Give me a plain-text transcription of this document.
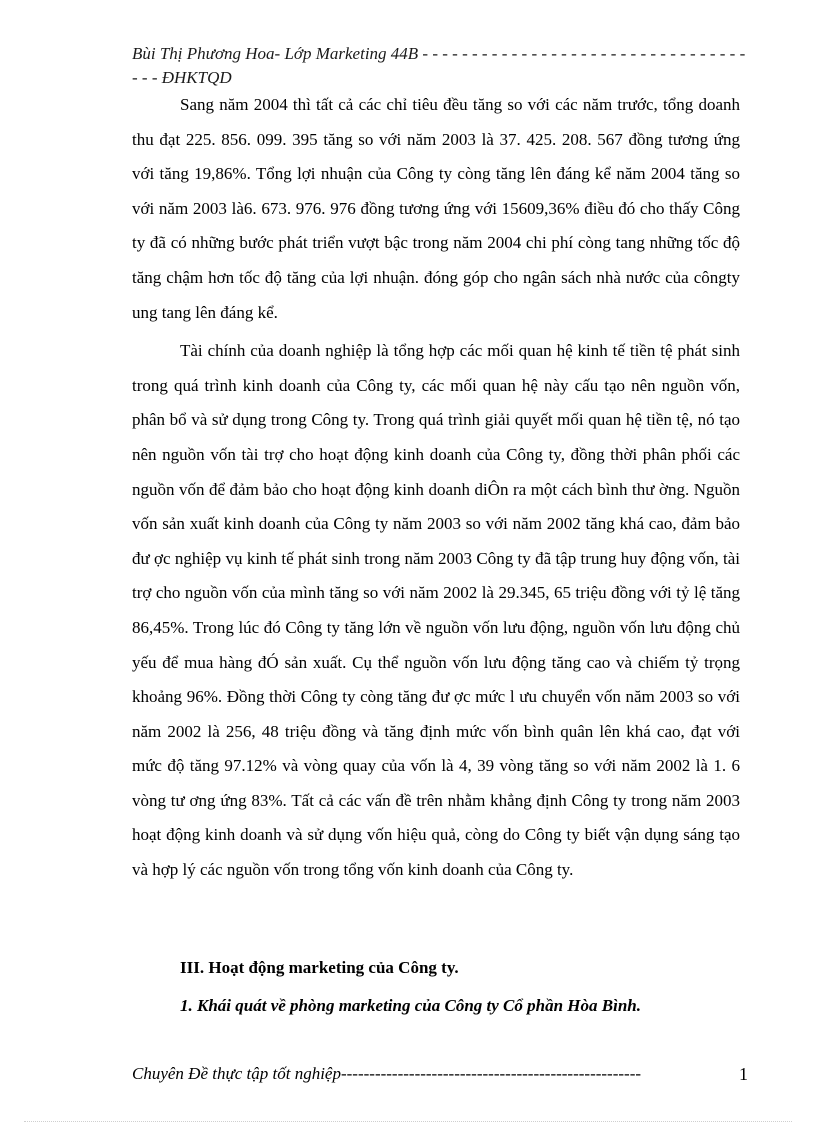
Bùi Thị Phương Hoa- Lớp Marketing 44B - - - - - - - - - - - - - - - - - - - - - - - - - - - - - - - - - - - - ĐHKTQD

Sang năm 2004 thì tất cả các chỉ tiêu đều tăng so với các năm trước, tổng doanh thu đạt 225. 856. 099. 395 tăng so với năm 2003 là 37. 425. 208. 567 đồng tương ứng với tăng 19,86%. Tổng lợi nhuận của Công ty còng tăng lên đáng kể năm 2004 tăng so với năm 2003 là6. 673. 976. 976 đồng tương ứng với 15609,36% điều đó cho thấy Công ty đã có những bước phát triển vượt bậc trong năm 2004 chi phí còng tang những tốc độ tăng chậm hơn tốc độ tăng của lợi nhuận. đóng góp cho ngân sách nhà nước của côngty ung tang lên đáng kể.

Tài chính của doanh nghiệp là tổng hợp các mối quan hệ kinh tế tiền tệ phát sinh trong quá trình kinh doanh của Công ty, các mối quan hệ này cấu tạo nên nguồn vốn, phân bổ và sử dụng trong Công ty. Trong quá trình giải quyết mối quan hệ tiền tệ, nó tạo nên nguồn vốn tài trợ cho hoạt động kinh doanh của Công ty, đồng thời phân phối các nguồn vốn để đảm bảo cho hoạt động kinh doanh diÔn ra một cách bình thư ờng. Nguồn vốn sản xuất kinh doanh của Công ty năm 2003 so với năm 2002 tăng khá cao, đảm bảo đư ợc nghiệp vụ kinh tế phát sinh trong năm 2003 Công ty đã tập trung huy động vốn, tài trợ cho nguồn vốn của mình tăng so với năm 2002 là 29.345, 65 triệu đồng với tỷ lệ tăng 86,45%. Trong lúc đó Công ty tăng lớn về nguồn vốn lưu động, nguồn vốn lưu động chủ yếu để mua hàng đÓ sản xuất. Cụ thể nguồn vốn lưu động tăng cao và chiếm tỷ trọng khoảng 96%. Đồng thời Công ty còng tăng đư ợc mức l ưu chuyển vốn năm 2003 so với năm 2002 là 256, 48 triệu đồng và tăng định mức vốn bình quân lên khá cao, đạt với mức độ tăng 97.12% và vòng quay của vốn là 4, 39 vòng tăng so với năm 2002 là 1. 6 vòng tư ơng ứng 83%. Tất cả các vấn đề trên nhằm khẳng định Công ty trong năm 2003 hoạt động kinh doanh và sử dụng vốn hiệu quả, còng do Công ty biết vận dụng sáng tạo và hợp lý các nguồn vốn trong tổng vốn kinh doanh của Công ty.

III. Hoạt động marketing của Công ty.
1. Khái quát về phòng marketing của Công ty Cổ phần Hòa Bình.
Chuyên Đề thực tập tốt nghiệp-----------------------------------------------------	1
